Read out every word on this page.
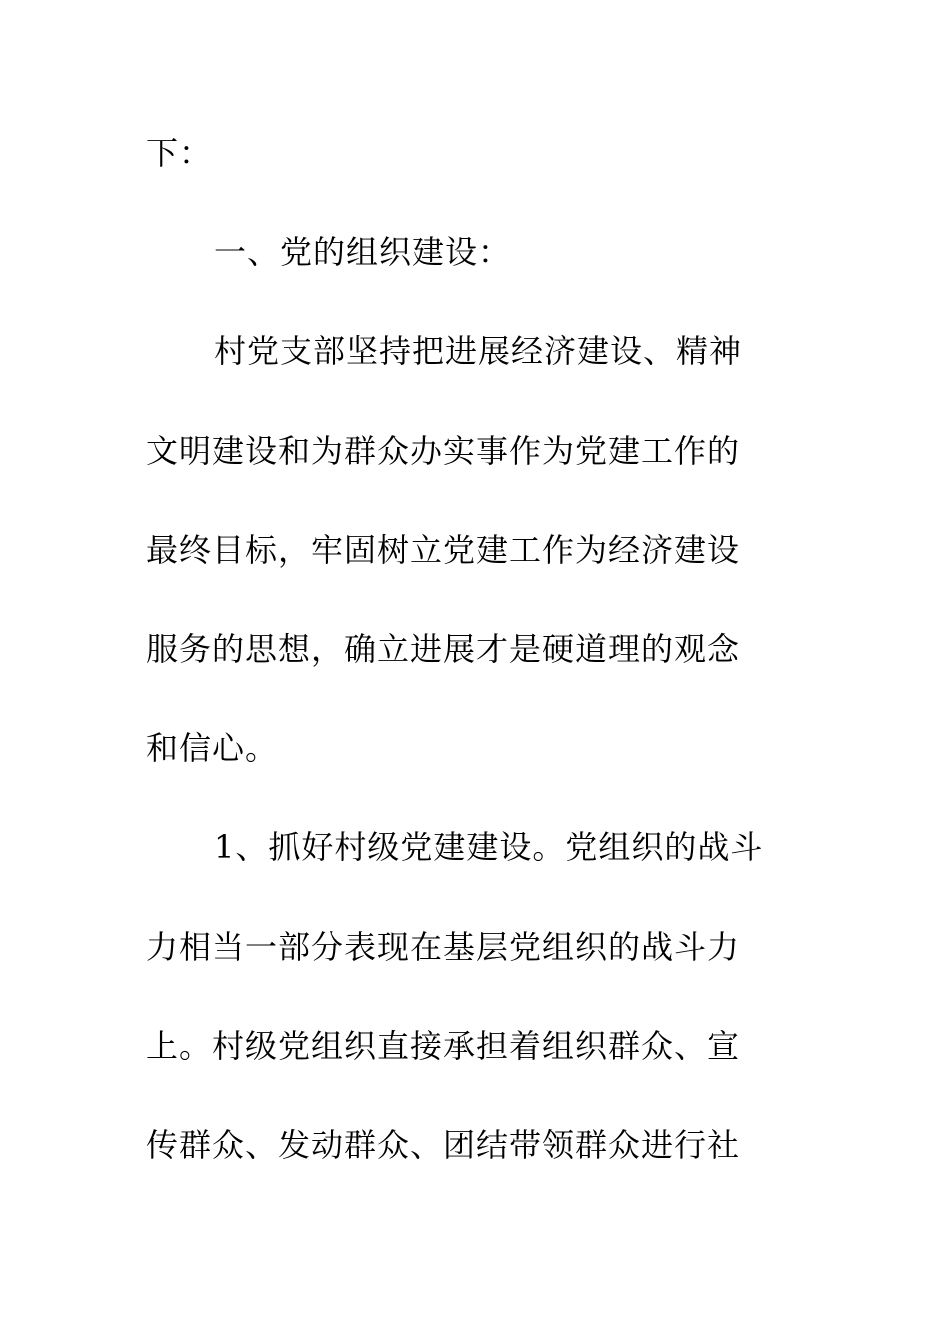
下：
一、党的组织建设：
村党支部坚持把进展经济建设、精神
文明建设和为群众办实事作为党建工作的
最终目标，牢固树立党建工作为经济建设
服务的思想，确立进展才是硬道理的观念
和信心。
1、抓好村级党建建设。党组织的战斗
力相当一部分表现在基层党组织的战斗力
上。村级党组织直接承担着组织群众、宣
传群众、发动群众、团结带领群众进行社
